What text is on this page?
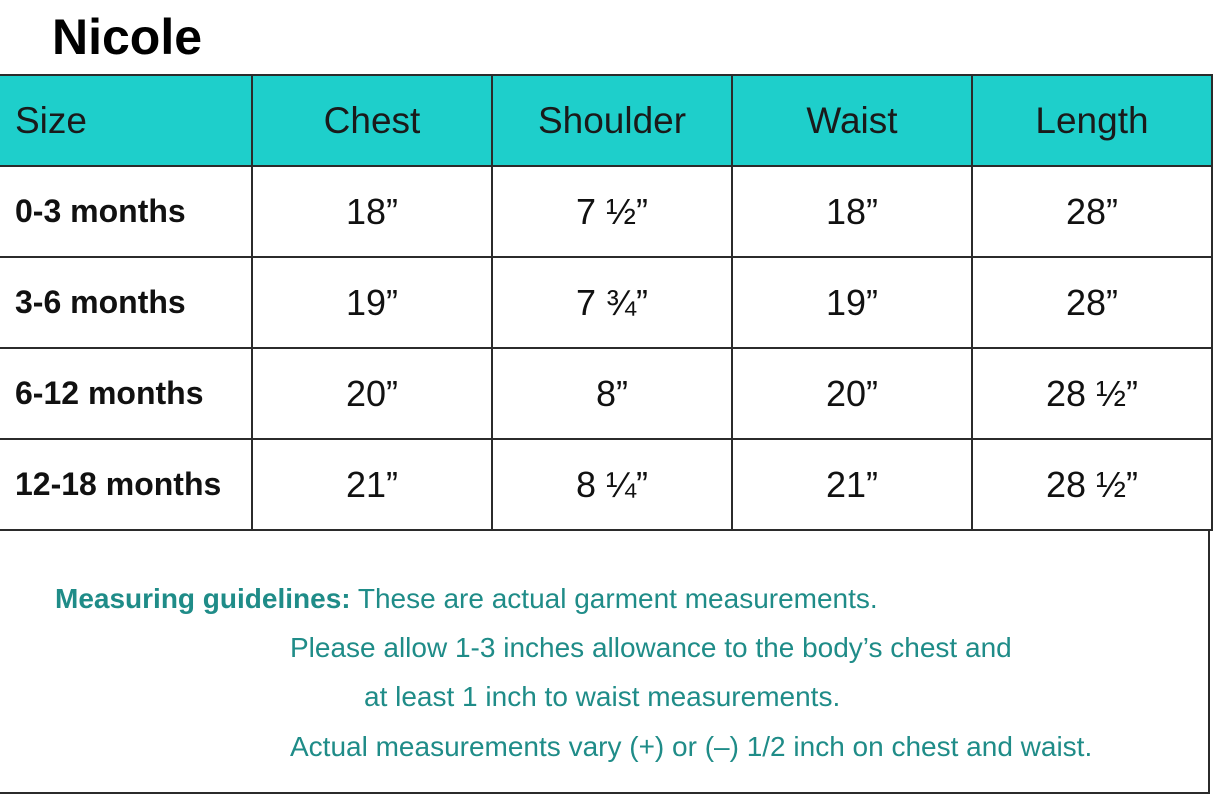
Nicole
Size	Chest	Shoulder	Waist	Length
0-3 months	18”	7 ½”	18”	28”
3-6 months	19”	7 ¾”	19”	28”
6-12 months	20”	8”	20”	28 ½”
12-18 months	21”	8 ¼”	21”	28 ½”
Measuring guidelines: These are actual garment measurements.
Please allow 1-3 inches allowance to the body’s chest and
at least 1 inch to waist measurements.
Actual measurements vary (+) or (–) 1/2 inch on chest and waist.
